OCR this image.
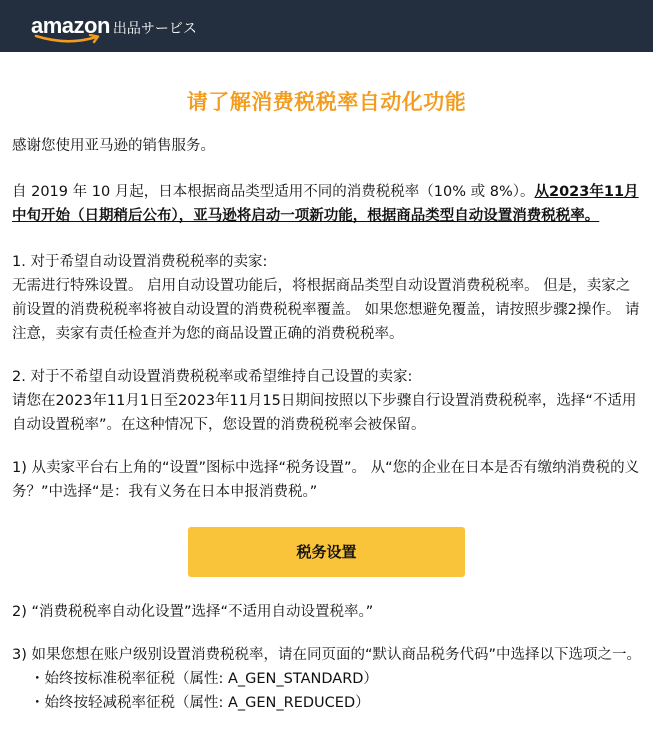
amazon 出品サービス
请了解消费税税率自动化功能

感谢您使用亚马逊的销售服务。

自 2019 年 10 月起，日本根据商品类型适用不同的消费税税率（10% 或 8%）。从2023年11月中旬开始（日期稍后公布），亚马逊将启动一项新功能，根据商品类型自动设置消费税税率。

1. 对于希望自动设置消费税税率的卖家:

无需进行特殊设置。 启用自动设置功能后，将根据商品类型自动设置消费税税率。 但是，卖家之前设置的消费税税率将被自动设置的消费税税率覆盖。 如果您想避免覆盖，请按照步骤2操作。 请注意，卖家有责任检查并为您的商品设置正确的消费税税率。

2. 对于不希望自动设置消费税税率或希望维持自己设置的卖家:

请您在2023年11月1日至2023年11月15日期间按照以下步骤自行设置消费税税率，选择“不适用自动设置税率”。在这种情况下，您设置的消费税税率会被保留。

1) 从卖家平台右上角的“设置”图标中选择“税务设置”。 从“您的企业在日本是否有缴纳消费税的义务？”中选择“是：我有义务在日本申报消费税。”

税务设置

2) “消费税税率自动化设置”选择“不适用自动设置税率。”

3) 如果您想在账户级别设置消费税税率，请在同页面的“默认商品税务代码”中选择以下选项之一。

・始终按标准税率征税（属性: A_GEN_STANDARD）

・始终按轻减税率征税（属性: A_GEN_REDUCED）
